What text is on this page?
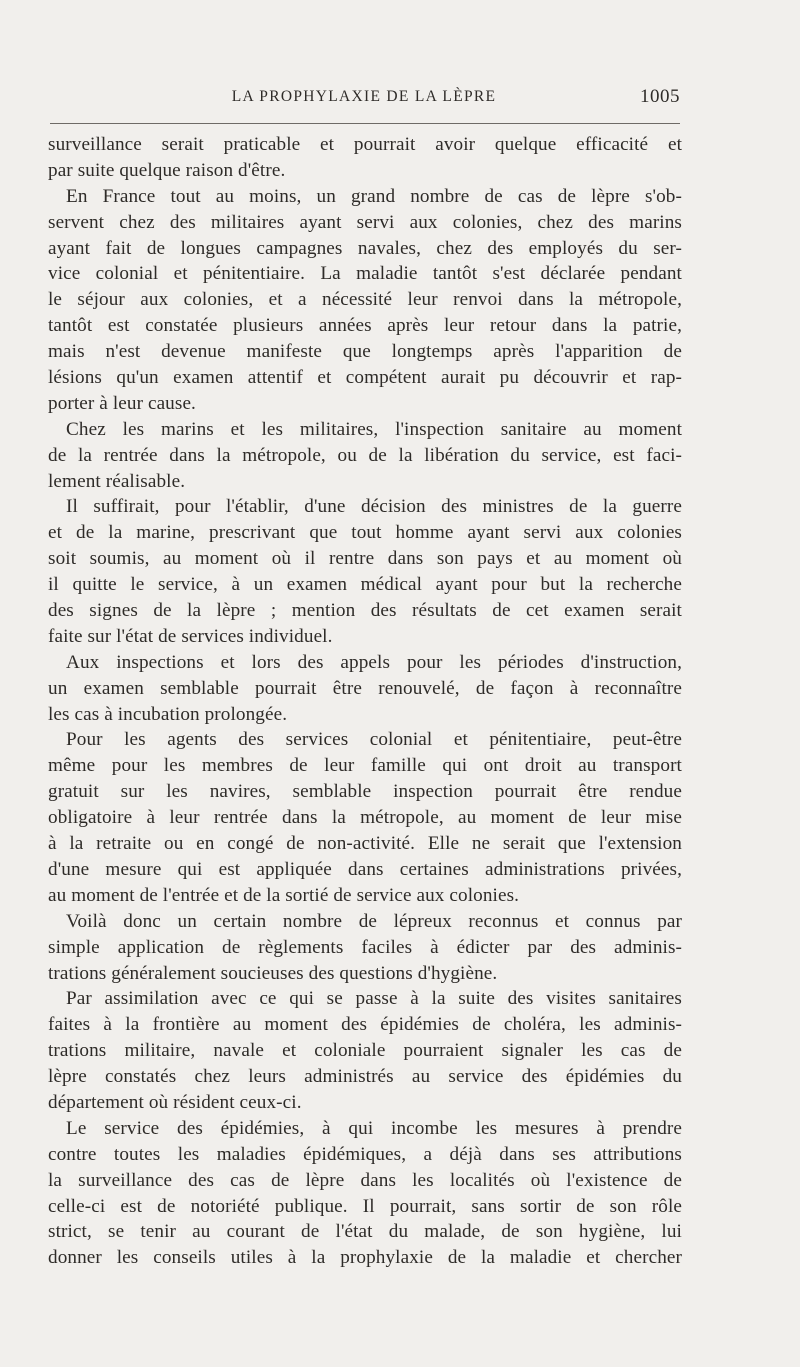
LA PROPHYLAXIE DE LA LÈPRE	1005
surveillance serait praticable et pourrait avoir quelque efficacité et
par suite quelque raison d'être.
En France tout au moins, un grand nombre de cas de lèpre s'ob-
servent chez des militaires ayant servi aux colonies, chez des marins
ayant fait de longues campagnes navales, chez des employés du ser-
vice colonial et pénitentiaire. La maladie tantôt s'est déclarée pendant
le séjour aux colonies, et a nécessité leur renvoi dans la métropole,
tantôt est constatée plusieurs années après leur retour dans la patrie,
mais n'est devenue manifeste que longtemps après l'apparition de
lésions qu'un examen attentif et compétent aurait pu découvrir et rap-
porter à leur cause.
Chez les marins et les militaires, l'inspection sanitaire au moment
de la rentrée dans la métropole, ou de la libération du service, est faci-
lement réalisable.
Il suffirait, pour l'établir, d'une décision des ministres de la guerre
et de la marine, prescrivant que tout homme ayant servi aux colonies
soit soumis, au moment où il rentre dans son pays et au moment où
il quitte le service, à un examen médical ayant pour but la recherche
des signes de la lèpre ; mention des résultats de cet examen serait
faite sur l'état de services individuel.
Aux inspections et lors des appels pour les périodes d'instruction,
un examen semblable pourrait être renouvelé, de façon à reconnaître
les cas à incubation prolongée.
Pour les agents des services colonial et pénitentiaire, peut-être
même pour les membres de leur famille qui ont droit au transport
gratuit sur les navires, semblable inspection pourrait être rendue
obligatoire à leur rentrée dans la métropole, au moment de leur mise
à la retraite ou en congé de non-activité. Elle ne serait que l'extension
d'une mesure qui est appliquée dans certaines administrations privées,
au moment de l'entrée et de la sortié de service aux colonies.
Voilà donc un certain nombre de lépreux reconnus et connus par
simple application de règlements faciles à édicter par des adminis-
trations généralement soucieuses des questions d'hygiène.
Par assimilation avec ce qui se passe à la suite des visites sanitaires
faites à la frontière au moment des épidémies de choléra, les adminis-
trations militaire, navale et coloniale pourraient signaler les cas de
lèpre constatés chez leurs administrés au service des épidémies du
département où résident ceux-ci.
Le service des épidémies, à qui incombe les mesures à prendre
contre toutes les maladies épidémiques, a déjà dans ses attributions
la surveillance des cas de lèpre dans les localités où l'existence de
celle-ci est de notoriété publique. Il pourrait, sans sortir de son rôle
strict, se tenir au courant de l'état du malade, de son hygiène, lui
donner les conseils utiles à la prophylaxie de la maladie et chercher
